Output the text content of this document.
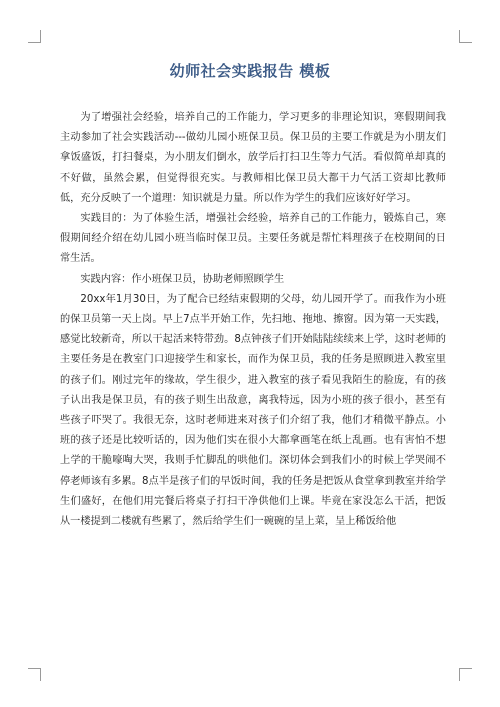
幼师社会实践报告 模板

为了增强社会经验，培养自己的工作能力，学习更多的非理论知识，寒假期间我主动参加了社会实践活动---做幼儿园小班保卫员。保卫员的主要工作就是为小朋友们拿饭盛饭，打扫餐桌，为小朋友们倒水，放学后打扫卫生等力气活。看似简单却真的不好做，虽然会累，但觉得很充实。与教师相比保卫员大都干力气活工资却比教师低，充分反映了一个道理：知识就是力量。所以作为学生的我们应该好好学习。

实践目的：为了体验生活，增强社会经验，培养自己的工作能力，锻炼自己，寒假期间经介绍在幼儿园小班当临时保卫员。主要任务就是帮忙料理孩子在校期间的日常生活。

实践内容：作小班保卫员，协助老师照顾学生

20xx年1月30日，为了配合已经结束假期的父母，幼儿园开学了。而我作为小班的保卫员第一天上岗。早上7点半开始工作，先扫地、拖地、擦窗。因为第一天实践，感觉比较新奇，所以干起活来特带劲。8点钟孩子们开始陆陆续续来上学，这时老师的主要任务是在教室门口迎接学生和家长，而作为保卫员，我的任务是照顾进入教室里的孩子们。刚过完年的缘故，学生很少，进入教室的孩子看见我陌生的脸庞，有的孩子认出我是保卫员，有的孩子则生出敌意，离我特远，因为小班的孩子很小，甚至有些孩子吓哭了。我很无奈，这时老师进来对孩子们介绍了我，他们才稍微平静点。小班的孩子还是比较听话的，因为他们实在很小大都拿画笔在纸上乱画。也有害怕不想上学的干脆嚎啕大哭，我则手忙脚乱的哄他们。深切体会到我们小的时候上学哭闹不停老师该有多累。8点半是孩子们的早饭时间，我的任务是把饭从食堂拿到教室并给学生们盛好，在他们用完餐后将桌子打扫干净供他们上课。毕竟在家没怎么干活，把饭从一楼提到二楼就有些累了，然后给学生们一碗碗的呈上菜，呈上稀饭给他
